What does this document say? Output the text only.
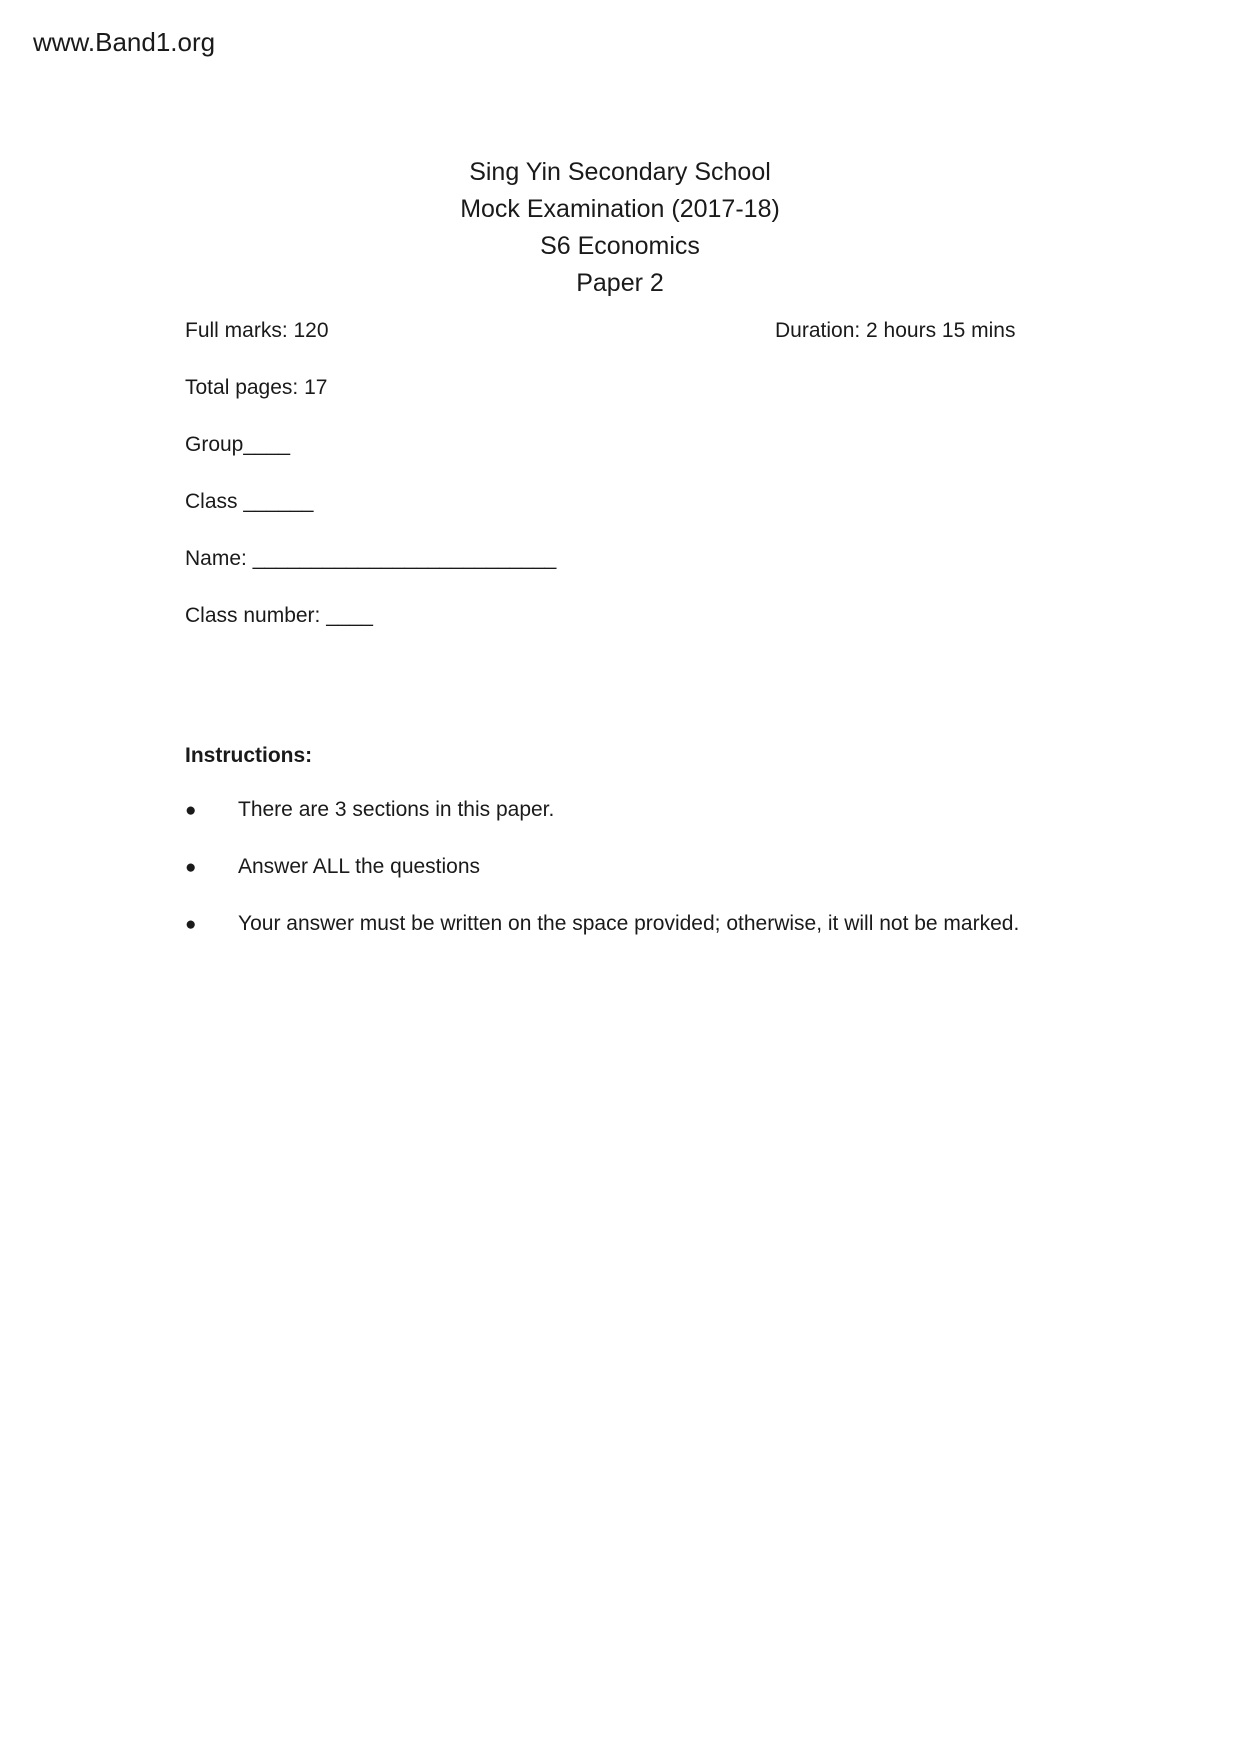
www.Band1.org
Sing Yin Secondary School
Mock Examination (2017-18)
S6 Economics
Paper 2
Full marks: 120	Duration: 2 hours 15 mins
Total pages: 17
Group____
Class ______
Name: __________________________
Class number: ____
Instructions:
● There are 3 sections in this paper.
● Answer ALL the questions
● Your answer must be written on the space provided; otherwise, it will not be marked.
